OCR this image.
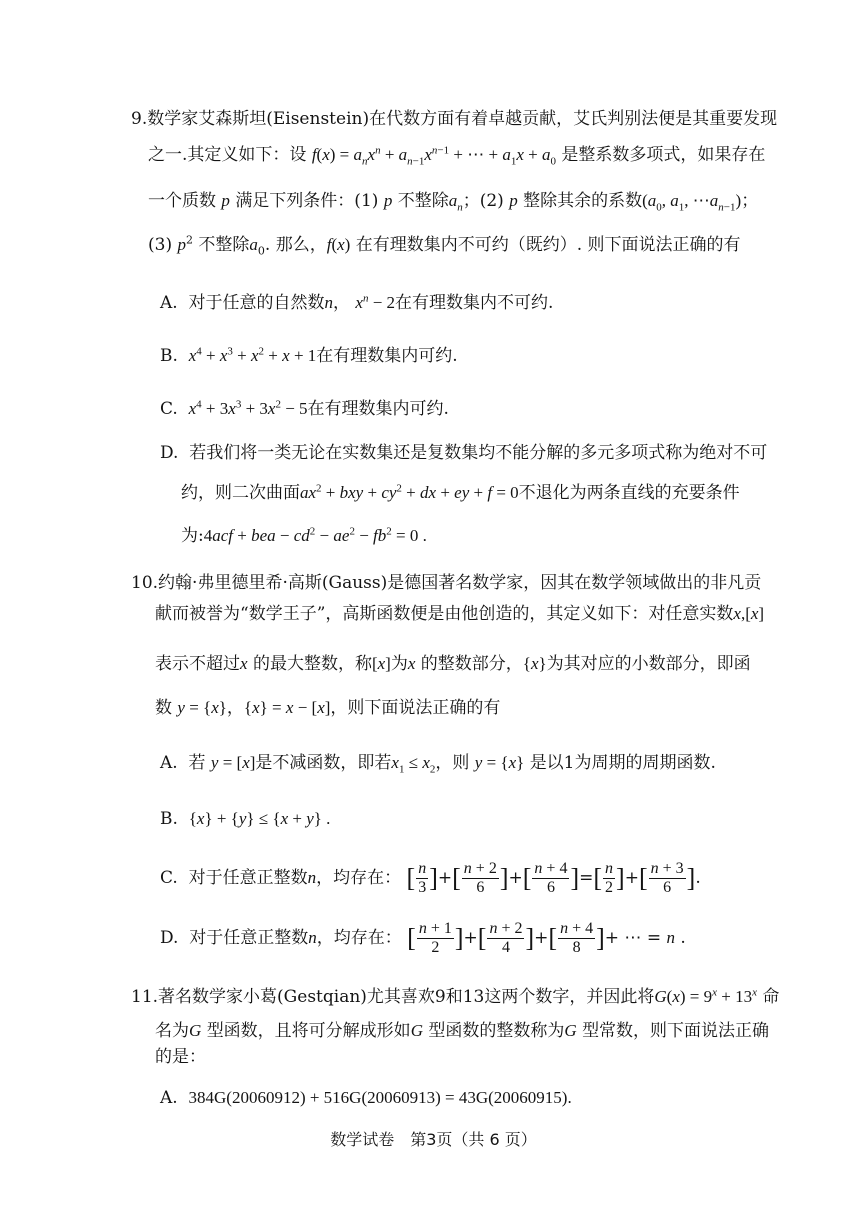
9.数学家艾森斯坦(Eisenstein)在代数方面有着卓越贡献，艾氏判别法便是其重要发现
之一.其定义如下：设 $f(x) = a_nx^n + a_{n-1}x^{n-1}$ + ⋯ + $a_1x + a_0$ 是整系数多项式，如果存在
一个质数 p 满足下列条件：(1) p 不整除$a_n$；(2) p 整除其余的系数($a_0$, $a_1$, $\cdots a_{n-1}$)；
(3) $p^2$ 不整除$a_0$. 那么，f(x) 在有理数集内不可约（既约）. 则下面说法正确的有
A. 对于任意的自然数n， $x^n - 2$在有理数集内不可约.
B. $x^4 + x^3 + x^2 + x + 1$在有理数集内可约.
C. $x^4 + 3x^3 + 3x^2 - 5$在有理数集内可约.
D. 若我们将一类无论在实数集还是复数集均不能分解的多元多项式称为绝对不可
约，则二次曲面$ax^2$ + bxy + $cy^2$ + dx + ey + f = 0不退化为两条直线的充要条件
为:4acf + bea − $cd^2 - ae^2 - fb^2 = 0$ .
10.约翰·弗里德里希·高斯(Gauss)是德国著名数学家，因其在数学领域做出的非凡贡
献而被誉为“数学王子”，高斯函数便是由他创造的，其定义如下：对任意实数x,[x]
表示不超过x 的最大整数，称[x]为x 的整数部分，{x}为其对应的小数部分，即函
数 y = {x}，{x} = x − [x]，则下面说法正确的有
A. 若 y = [x]是不减函数，即若$x_1 \le x_2$，则 y = {x} 是以1为周期的周期函数.
B. {x} + {y} ≤ {x + y} .
C. 对于任意正整数n，均存在： [ $\frac{n}{3}$ ]+[ $\frac{n + 2}{6}$ ]+[ $\frac{n + 4}{6}$ ]=[ $\frac{n}{2}$ ]+[ $\frac{n + 3}{6}$ ].
D. 对于任意正整数n，均存在： [ $\frac{n + 1}{2}$ ]+[ $\frac{n + 2}{4}$ ]+[ $\frac{n + 4}{8}$ ]+ ⋯ = n .
11.著名数学家小葛(Gestqian)尤其喜欢9和13这两个数字，并因此将$G(x) = 9^x + 13^x$ 命
名为G 型函数，且将可分解成形如G 型函数的整数称为G 型常数，则下面说法正确
的是：
A. 384G(20060912) + 516G(20060913) = 43G(20060915).
数学试卷　第3页（共 6 页）
